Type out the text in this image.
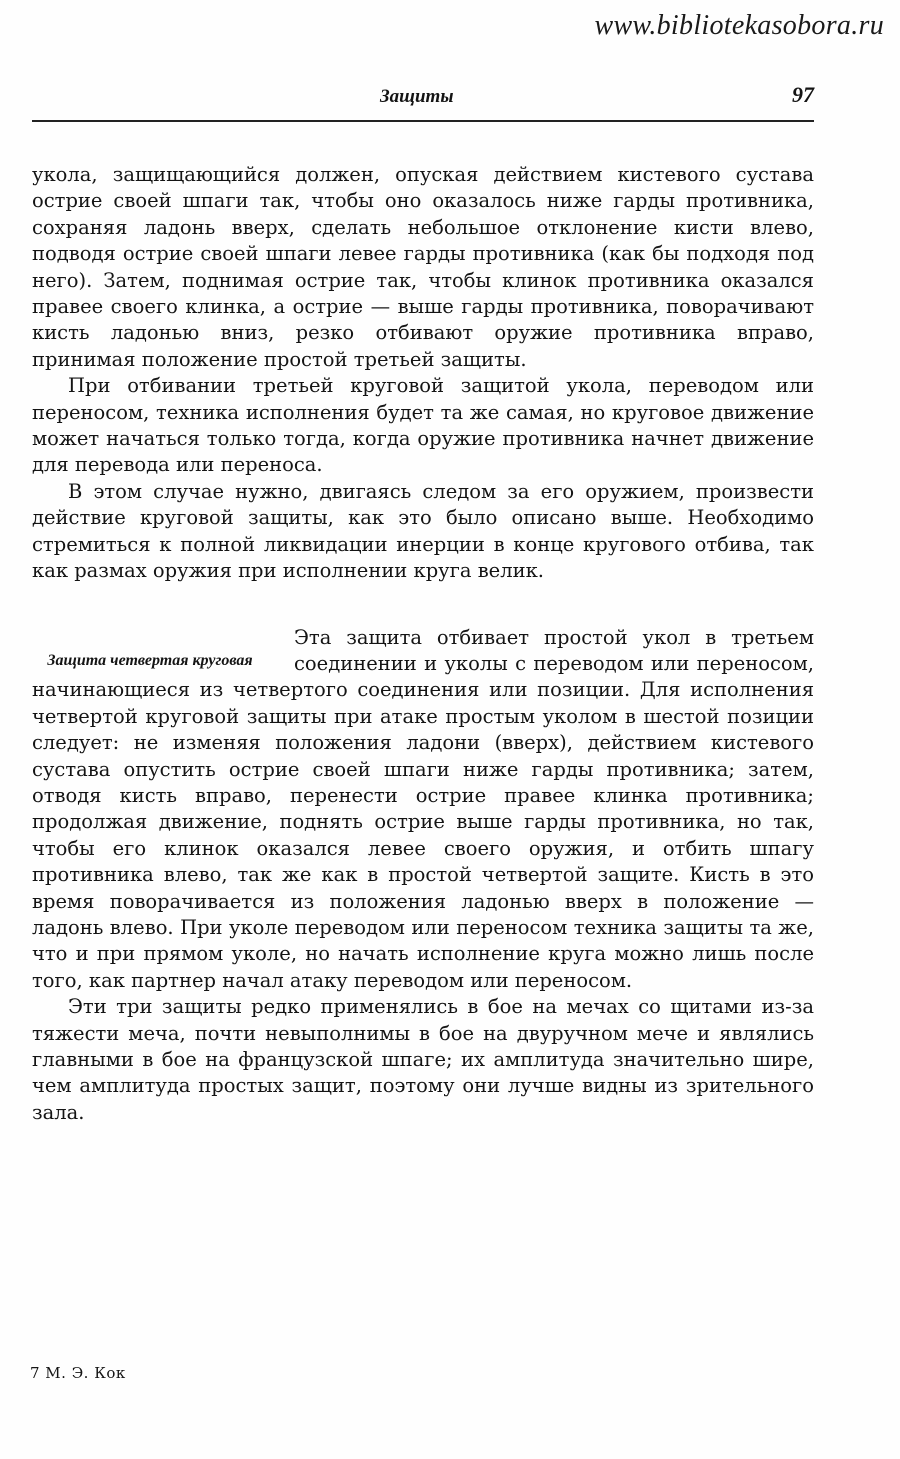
www.bibliotekasobora.ru
Защиты	97

укола, защищающийся должен, опуская действием кистевого сустава острие своей шпаги так, чтобы оно оказалось ниже гарды противника, сохраняя ладонь вверх, сделать небольшое отклонение кисти влево, подводя острие своей шпаги левее гарды противника (как бы подходя под него). Затем, поднимая острие так, чтобы клинок противника оказался правее своего клинка, а острие — выше гарды противника, поворачивают кисть ладонью вниз, резко отбивают оружие противника вправо, принимая положение простой третьей защиты.

При отбивании третьей круговой защитой укола, переводом или переносом, техника исполнения будет та же самая, но круговое движение может начаться только тогда, когда оружие противника начнет движение для перевода или переноса.

В этом случае нужно, двигаясь следом за его оружием, произвести действие круговой защиты, как это было описано выше. Необходимо стремиться к полной ликвидации инерции в конце кругового отбива, так как размах оружия при исполнении круга велик.

Защита четвертая круговая

Эта защита отбивает простой укол в третьем соединении и уколы с переводом или переносом, начинающиеся из четвертого соединения или позиции. Для исполнения четвертой круговой защиты при атаке простым уколом в шестой позиции следует: не изменяя положения ладони (вверх), действием кистевого сустава опустить острие своей шпаги ниже гарды противника; затем, отводя кисть вправо, перенести острие правее клинка противника; продолжая движение, поднять острие выше гарды противника, но так, чтобы его клинок оказался левее своего оружия, и отбить шпагу противника влево, так же как в простой четвертой защите. Кисть в это время поворачивается из положения ладонью вверх в положение — ладонь влево. При уколе переводом или переносом техника защиты та же, что и при прямом уколе, но начать исполнение круга можно лишь после того, как партнер начал атаку переводом или переносом.

Эти три защиты редко применялись в бое на мечах со щитами из-за тяжести меча, почти невыполнимы в бое на двуручном мече и являлись главными в бое на французской шпаге; их амплитуда значительно шире, чем амплитуда простых защит, поэтому они лучше видны из зрительного зала.

7 М. Э. Кок
